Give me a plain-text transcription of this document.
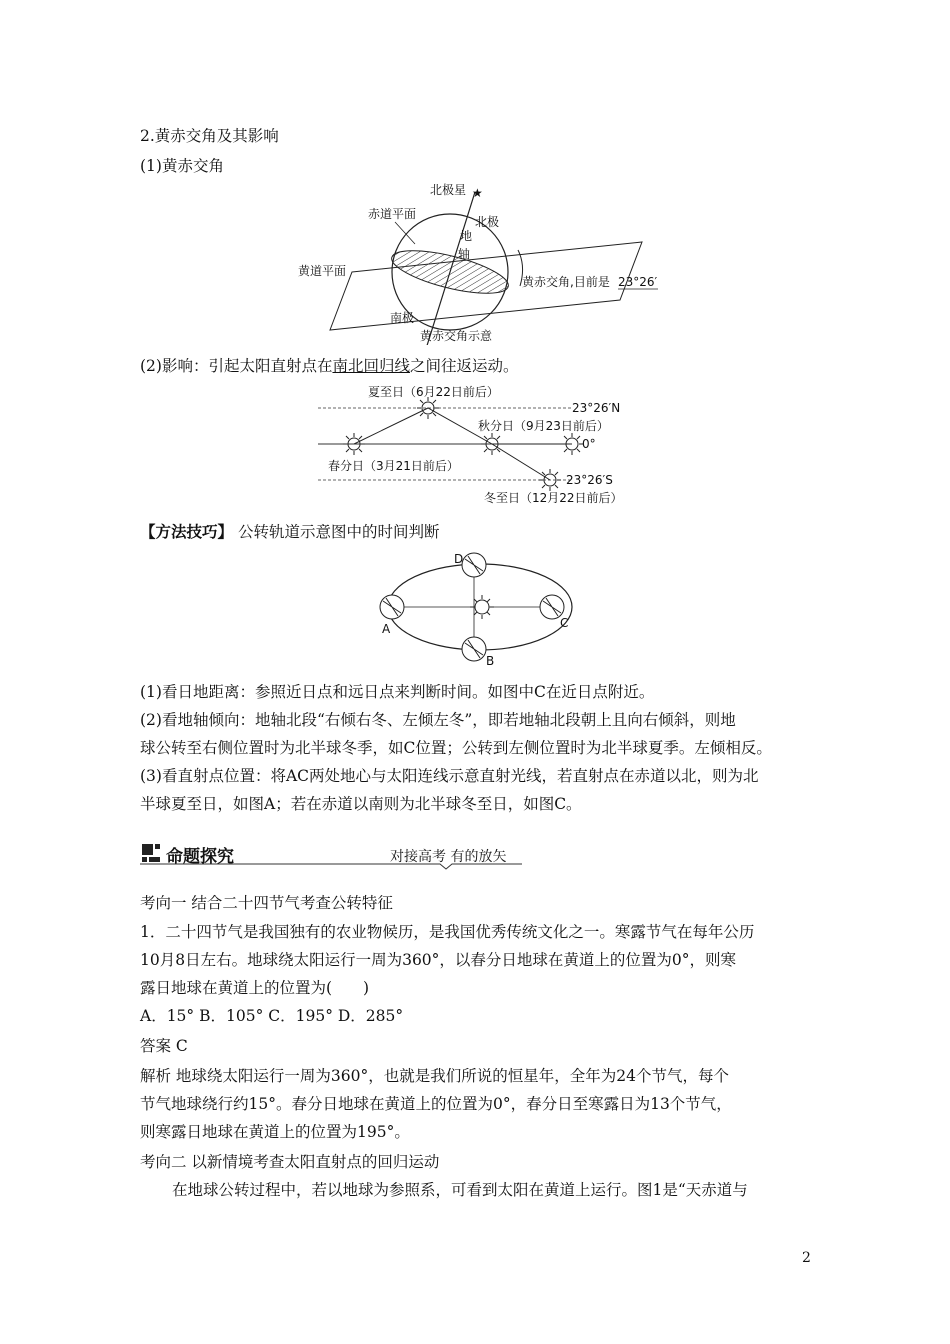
2.黄赤交角及其影响
(1)黄赤交角
★
北极星
北极
赤道平面
地
轴
黄道平面
黄赤交角,目前是 23°26′
南极
黄赤交角示意
(2)影响：引起太阳直射点在南北回归线之间往返运动。
夏至日（6月22日前后）
23°26′N
秋分日（9月23日前后）
0°
春分日（3月21日前后）
23°26′S
冬至日（12月22日前后）
【方法技巧】 公转轨道示意图中的时间判断
A
B
C
D
(1)看日地距离：参照近日点和远日点来判断时间。如图中C在近日点附近。
(2)看地轴倾向：地轴北段“右倾右冬、左倾左冬”，即若地轴北段朝上且向右倾斜，则地
球公转至右侧位置时为北半球冬季，如C位置；公转到左侧位置时为北半球夏季。左倾相反。
(3)看直射点位置：将AC两处地心与太阳连线示意直射光线，若直射点在赤道以北，则为北
半球夏至日，如图A；若在赤道以南则为北半球冬至日，如图C。
命题探究	对接高考 有的放矢
考向一 结合二十四节气考查公转特征
1．二十四节气是我国独有的农业物候历，是我国优秀传统文化之一。寒露节气在每年公历
10月8日左右。地球绕太阳运行一周为360°，以春分日地球在黄道上的位置为0°，则寒
露日地球在黄道上的位置为(　　)
A．15° B．105° C．195° D．285°
答案 C
解析 地球绕太阳运行一周为360°，也就是我们所说的恒星年，全年为24个节气，每个
节气地球绕行约15°。春分日地球在黄道上的位置为0°，春分日至寒露日为13个节气，
则寒露日地球在黄道上的位置为195°。
考向二 以新情境考查太阳直射点的回归运动
在地球公转过程中，若以地球为参照系，可看到太阳在黄道上运行。图1是“天赤道与
2
